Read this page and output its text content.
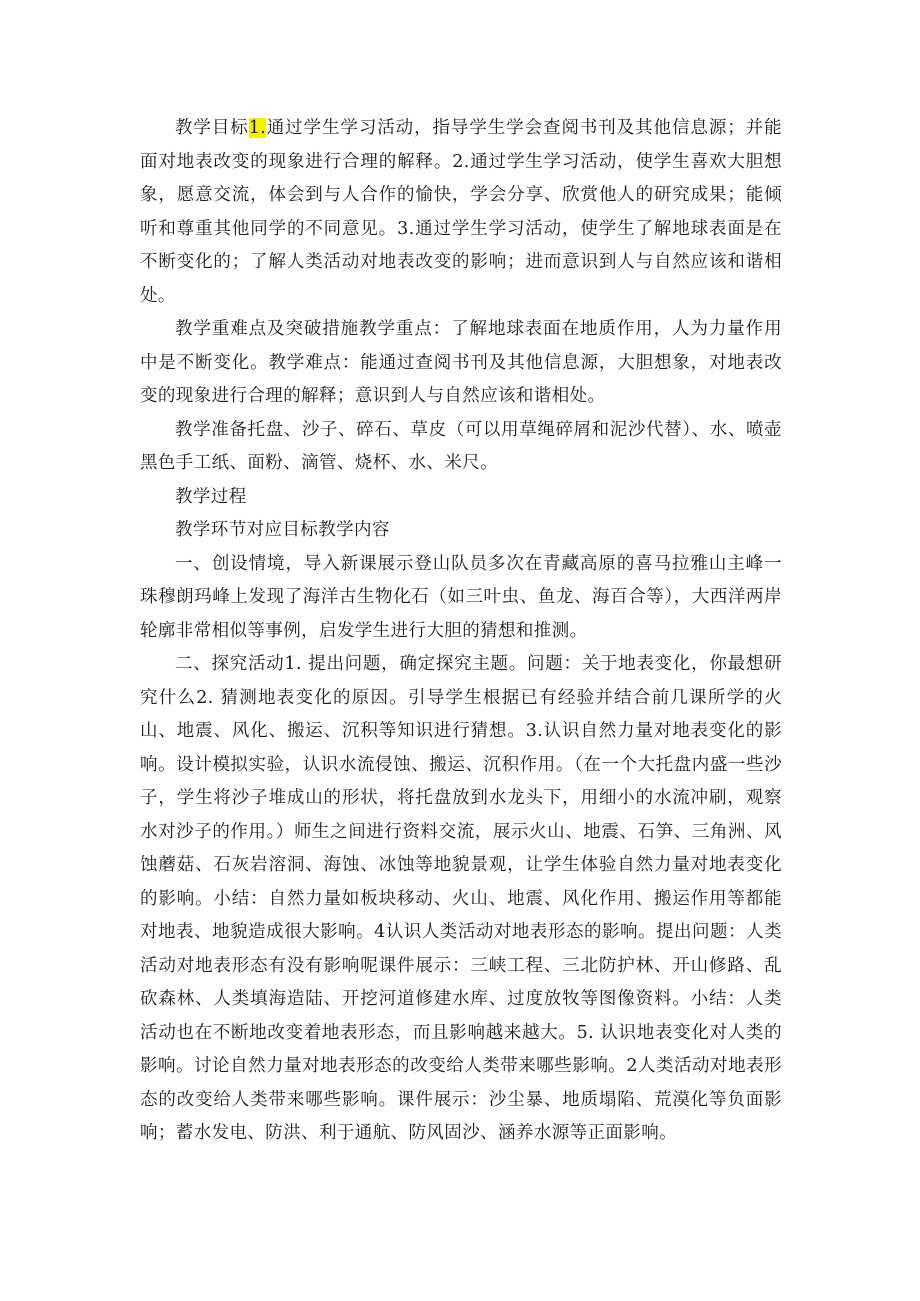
教学目标1.通过学生学习活动，指导学生学会查阅书刊及其他信息源；并能面对地表改变的现象进行合理的解释。2.通过学生学习活动，使学生喜欢大胆想象，愿意交流，体会到与人合作的愉快，学会分享、欣赏他人的研究成果；能倾听和尊重其他同学的不同意见。3.通过学生学习活动，使学生了解地球表面是在不断变化的；了解人类活动对地表改变的影响；进而意识到人与自然应该和谐相处。

教学重难点及突破措施教学重点：了解地球表面在地质作用，人为力量作用中是不断变化。教学难点：能通过查阅书刊及其他信息源，大胆想象，对地表改变的现象进行合理的解释；意识到人与自然应该和谐相处。

教学准备托盘、沙子、碎石、草皮（可以用草绳碎屑和泥沙代替）、水、喷壶黑色手工纸、面粉、滴管、烧杯、水、米尺。

教学过程

教学环节对应目标教学内容

一、创设情境，导入新课展示登山队员多次在青藏高原的喜马拉雅山主峰一珠穆朗玛峰上发现了海洋古生物化石（如三叶虫、鱼龙、海百合等），大西洋两岸轮廓非常相似等事例，启发学生进行大胆的猜想和推测。

二、探究活动1. 提出问题，确定探究主题。问题：关于地表变化，你最想研究什么2. 猜测地表变化的原因。引导学生根据已有经验并结合前几课所学的火山、地震、风化、搬运、沉积等知识进行猜想。3.认识自然力量对地表变化的影响。设计模拟实验，认识水流侵蚀、搬运、沉积作用。（在一个大托盘内盛一些沙子，学生将沙子堆成山的形状，将托盘放到水龙头下，用细小的水流冲刷，观察水对沙子的作用。）师生之间进行资料交流，展示火山、地震、石笋、三角洲、风蚀蘑菇、石灰岩溶洞、海蚀、冰蚀等地貌景观，让学生体验自然力量对地表变化的影响。小结：自然力量如板块移动、火山、地震、风化作用、搬运作用等都能对地表、地貌造成很大影响。4认识人类活动对地表形态的影响。提出问题：人类活动对地表形态有没有影响呢课件展示：三峡工程、三北防护林、开山修路、乱砍森林、人类填海造陆、开挖河道修建水库、过度放牧等图像资料。小结：人类活动也在不断地改变着地表形态，而且影响越来越大。5. 认识地表变化对人类的影响。讨论自然力量对地表形态的改变给人类带来哪些影响。2人类活动对地表形态的改变给人类带来哪些影响。课件展示：沙尘暴、地质塌陷、荒漠化等负面影响；蓄水发电、防洪、利于通航、防风固沙、涵养水源等正面影响。
